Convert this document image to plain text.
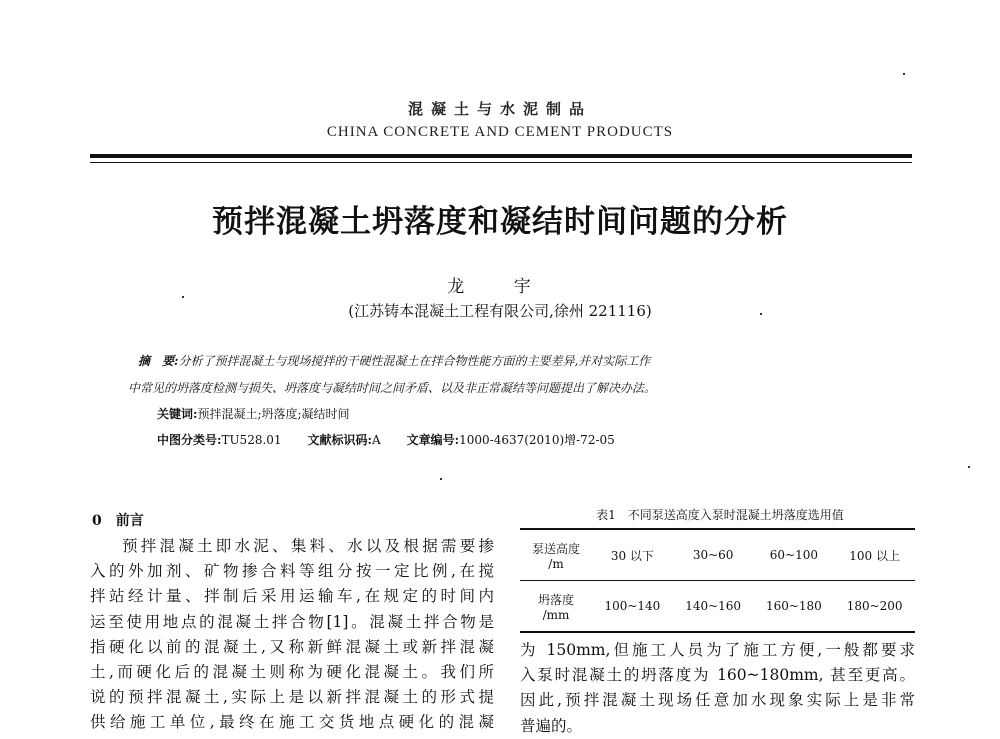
混凝土与水泥制品
CHINA CONCRETE AND CEMENT PRODUCTS
预拌混凝土坍落度和凝结时间问题的分析
龙 宇
(江苏铸本混凝土工程有限公司,徐州 221116)
摘　要:分析了预拌混凝土与现场搅拌的干硬性混凝土在拌合物性能方面的主要差异,并对实际工作
中常见的坍落度检测与损失、坍落度与凝结时间之间矛盾、以及非正常凝结等问题提出了解决办法。
关键词:预拌混凝土;坍落度;凝结时间
中图分类号:TU528.01 文献标识码:A 文章编号:1000-4637(2010)增-72-05
0　前言

预拌混凝土即水泥、集料、水以及根据需要掺

入的外加剂、矿物掺合料等组分按一定比例,在搅

拌站经计量、拌制后采用运输车,在规定的时间内

运至使用地点的混凝土拌合物[1]。混凝土拌合物是

指硬化以前的混凝土,又称新鲜混凝土或新拌混凝

土,而硬化后的混凝土则称为硬化混凝土。我们所

说的预拌混凝土,实际上是以新拌混凝土的形式提

供给施工单位,最终在施工交货地点硬化的混凝

表1　不同泵送高度入泵时混凝土坍落度选用值
泵送高度
/m	30 以下	30~60	60~100	100 以上
坍落度
/mm	100~140	140~160	160~180	180~200

为 150mm,但施工人员为了施工方便,一般都要求

入泵时混凝土的坍落度为 160~180mm, 甚至更高。

因此,预拌混凝土现场任意加水现象实际上是非常

普遍的。
